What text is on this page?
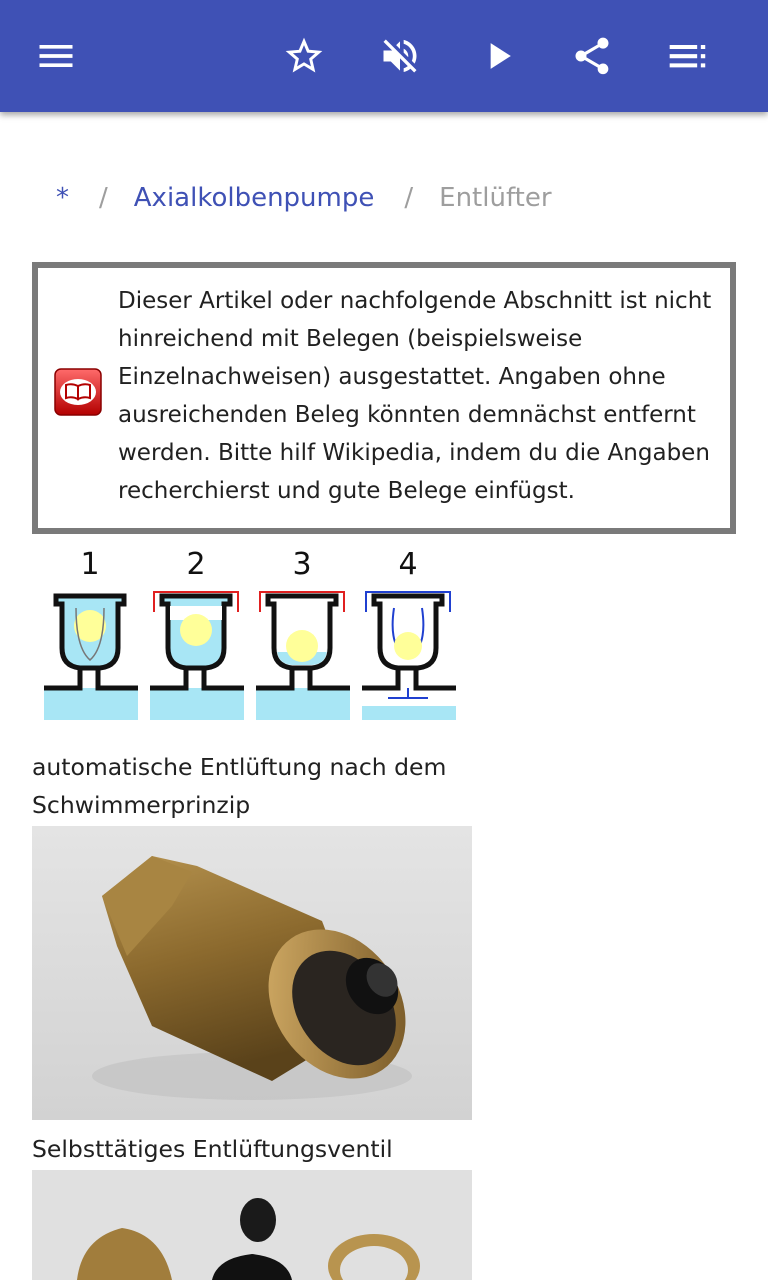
* / Axialkolbenpumpe / Entlüfter
Dieser Artikel oder nachfolgende Abschnitt ist nicht hinreichend mit Belegen (beispielsweise Einzelnachweisen) ausgestattet. Angaben ohne ausreichenden Beleg könnten demnächst entfernt werden. Bitte hilf Wikipedia, indem du die Angaben recherchierst und gute Belege einfügst.
1	2	3	4
automatische Entlüftung nach dem Schwimmerprinzip
Selbsttätiges Entlüftungsventil
